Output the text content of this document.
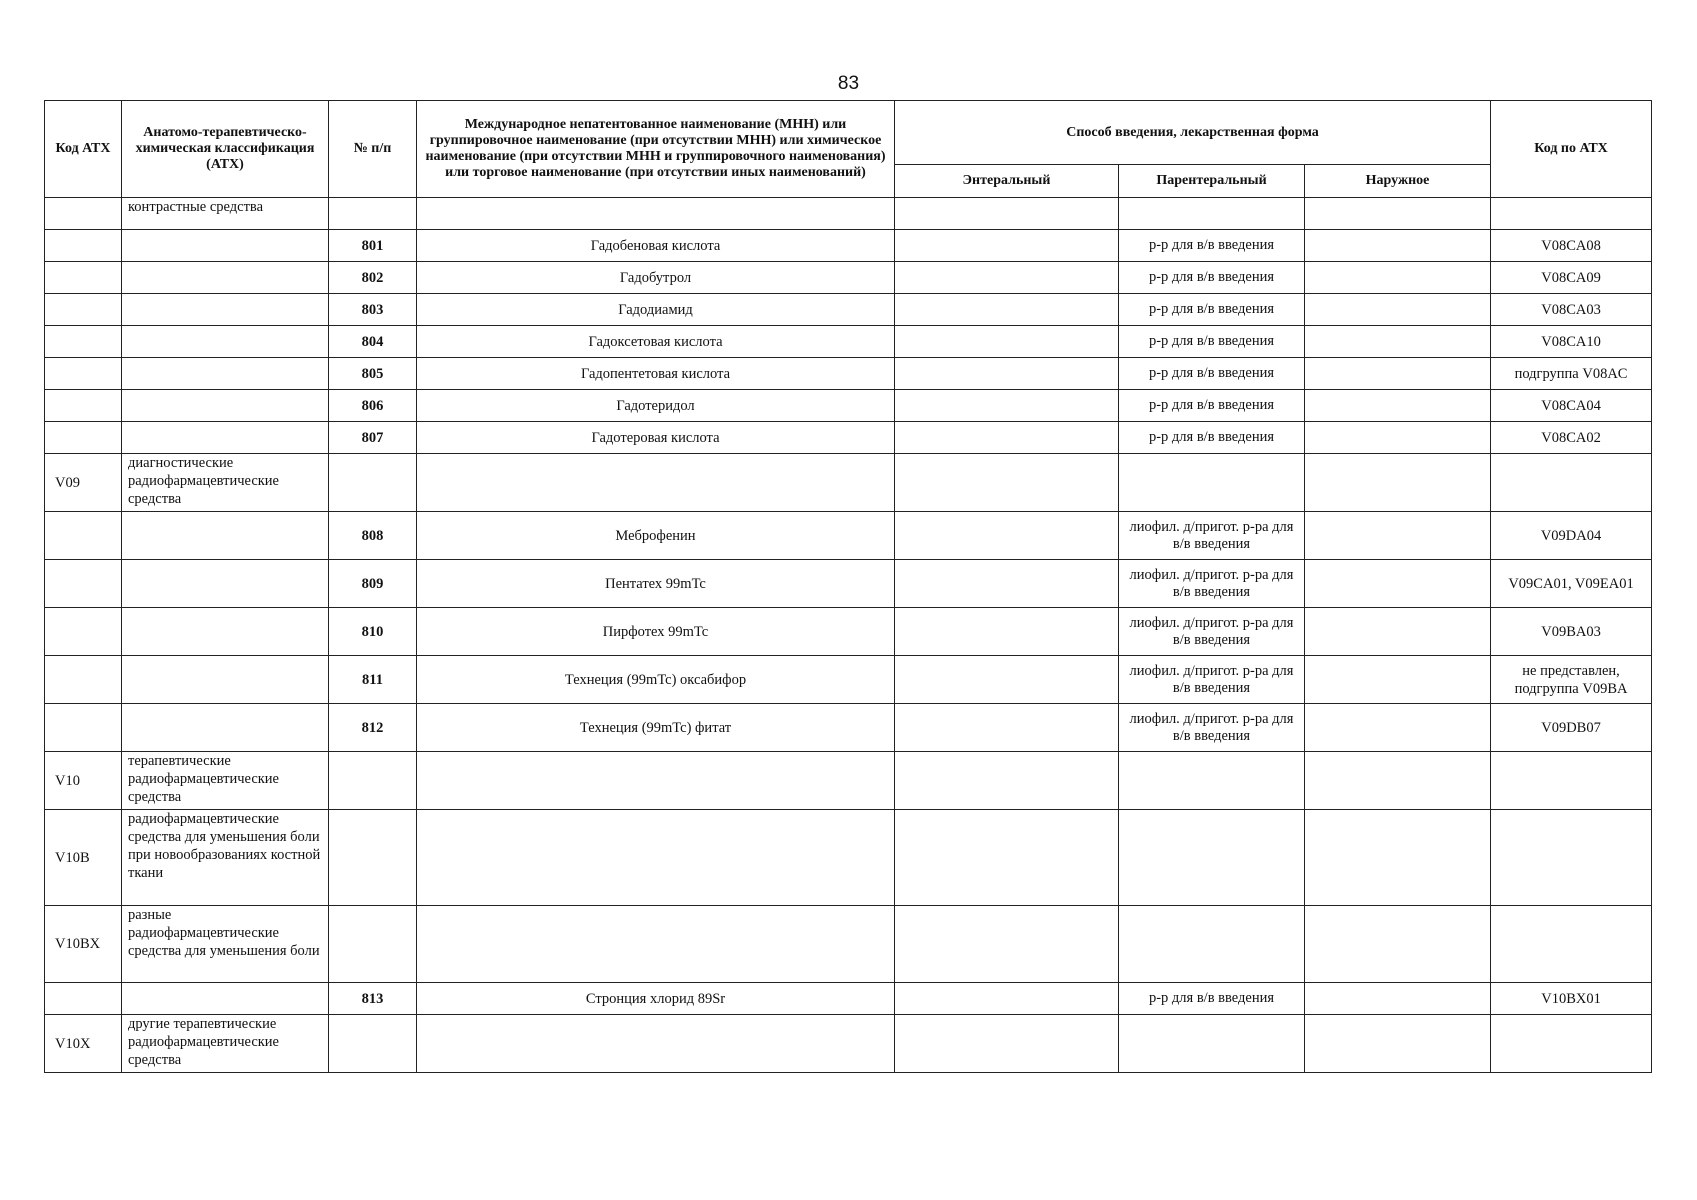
83
Код АТХ	Анатомо-терапевтическо-химическая классификация (АТХ)	№ п/п	Международное непатентованное наименование (МНН) или группировочное наименование (при отсутствии МНН) или химическое наименование (при отсутствии МНН и группировочного наименования) или торговое наименование (при отсутствии иных наименований)	Способ введения, лекарственная форма			Код по АТХ
				Энтеральный	Парентеральный	Наружное	
	контрастные средства						
		801	Гадобеновая кислота		р-р для в/в введения		V08CA08
		802	Гадобутрол		р-р для в/в введения		V08CA09
		803	Гадодиамид		р-р для в/в введения		V08CA03
		804	Гадоксетовая кислота		р-р для в/в введения		V08CA10
		805	Гадопентетовая кислота		р-р для в/в введения		подгруппа V08AC
		806	Гадотеридол		р-р для в/в введения		V08CA04
		807	Гадотеровая кислота		р-р для в/в введения		V08CA02
V09	диагностические радиофармацевтические средства						
		808	Меброфенин		лиофил. д/пригот. р-ра для в/в введения		V09DA04
		809	Пентатех 99mTc		лиофил. д/пригот. р-ра для в/в введения		V09CA01, V09EA01
		810	Пирфотех 99mTc		лиофил. д/пригот. р-ра для в/в введения		V09BA03
		811	Технеция (99mTc) оксабифор		лиофил. д/пригот. р-ра для в/в введения		не представлен, подгруппа V09BA
		812	Технеция (99mTc) фитат		лиофил. д/пригот. р-ра для в/в введения		V09DB07
V10	терапевтические радиофармацевтические средства						
V10B	радиофармацевтические средства для уменьшения боли при новообразованиях костной ткани						
V10BX	разные радиофармацевтические средства для уменьшения боли						
		813	Стронция хлорид 89Sr		р-р для в/в введения		V10BX01
V10X	другие терапевтические радиофармацевтические средства						
